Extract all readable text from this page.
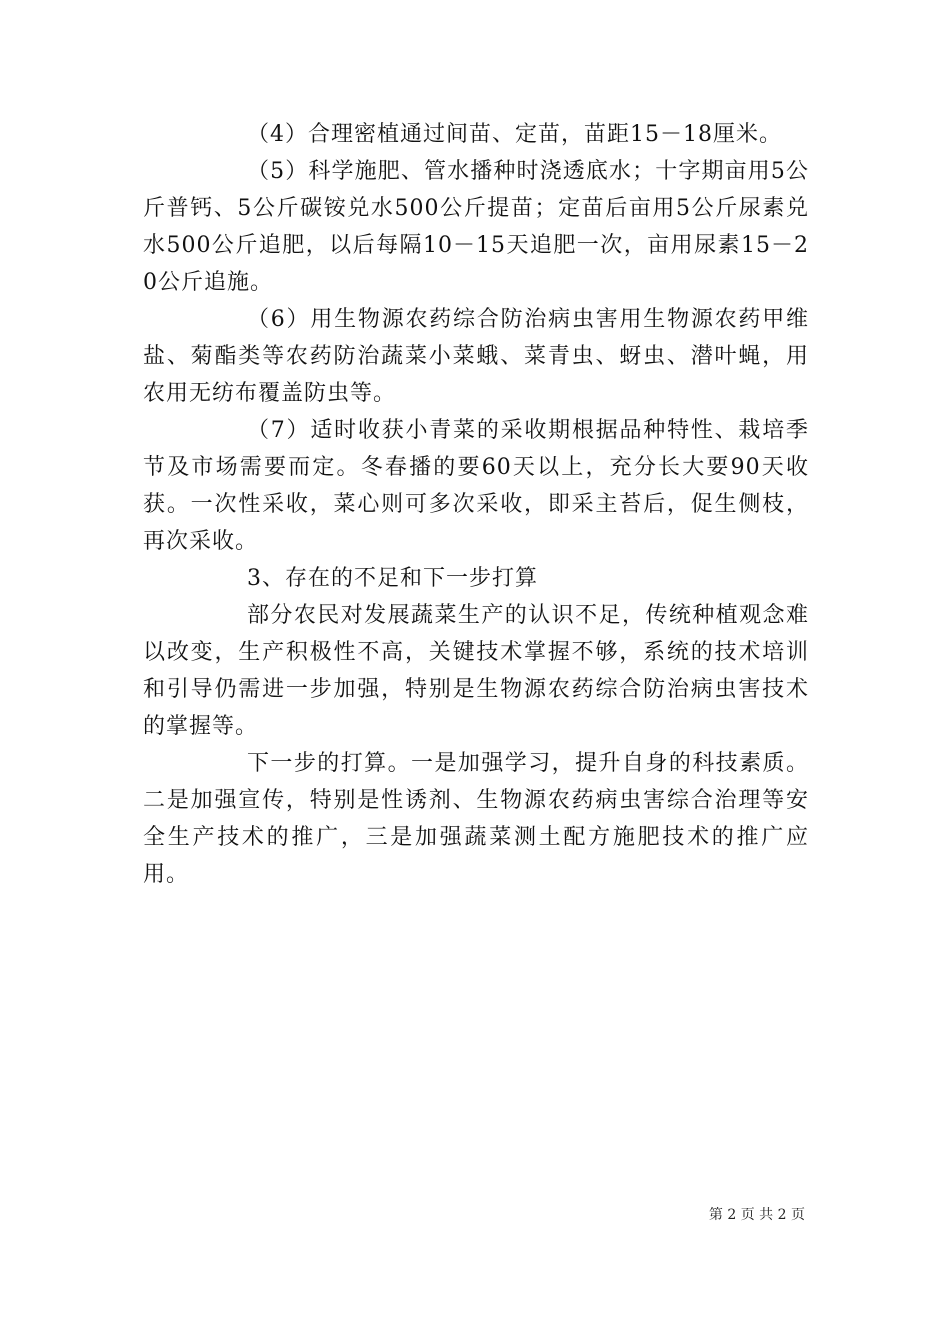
（4）合理密植通过间苗、定苗，苗距15－18厘米。

（5）科学施肥、管水播种时浇透底水；十字期亩用5公斤普钙、5公斤碳铵兑水500公斤提苗；定苗后亩用5公斤尿素兑水500公斤追肥，以后每隔10－15天追肥一次，亩用尿素15－20公斤追施。

（6）用生物源农药综合防治病虫害用生物源农药甲维盐、菊酯类等农药防治蔬菜小菜蛾、菜青虫、蚜虫、潜叶蝇，用农用无纺布覆盖防虫等。

（7）适时收获小青菜的采收期根据品种特性、栽培季节及市场需要而定。冬春播的要60天以上，充分长大要90天收获。一次性采收，菜心则可多次采收，即采主苔后，促生侧枝，再次采收。

3、存在的不足和下一步打算

部分农民对发展蔬菜生产的认识不足，传统种植观念难以改变，生产积极性不高，关键技术掌握不够，系统的技术培训和引导仍需进一步加强，特别是生物源农药综合防治病虫害技术的掌握等。

下一步的打算。一是加强学习，提升自身的科技素质。二是加强宣传，特别是性诱剂、生物源农药病虫害综合治理等安全生产技术的推广，三是加强蔬菜测土配方施肥技术的推广应用。

第 2 页 共 2 页
